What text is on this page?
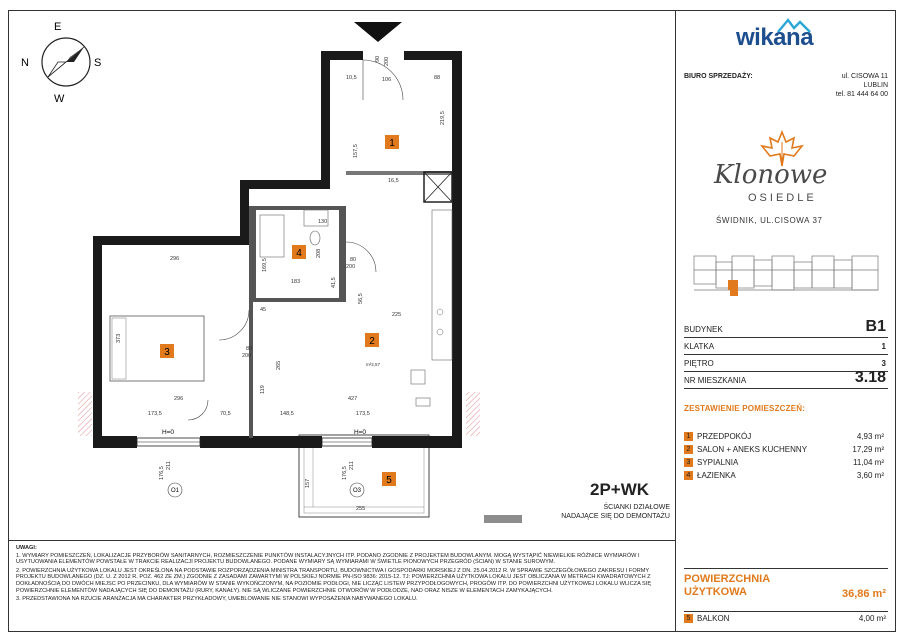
E
N	S
W
H=0	H=0
1
2
3
4
5
90 200
106
10,5	88
219,5
157,5
16,5
80
200
80
200
296
225
427
173,5	70,5	148,5	173,5
296
373
176,5
211
176,5
211
255
157
169,5
183
45
56,5
41,5
208
265
119
130
m²2,57
O1	O3	2P+WK
ŚCIANKI DZIAŁOWE
NADAJĄCE SIĘ DO DEMONTAŻU
UWAGI:

1. WYMIARY POMIESZCZEŃ, LOKALIZACJE PRZYBORÓW SANITARNYCH, ROZMIESZCZENIE PUNKTÓW INSTALACYJNYCH ITP. PODANO ZGODNIE Z PROJEKTEM BUDOWLANYM. MOGĄ WYSTĄPIĆ NIEWIELKIE RÓŻNICE WYMIARÓW I USYTUOWANIA ELEMENTÓW POWSTAŁE W TRAKCIE REALIZACJI PROJEKTU BUDOWLANEGO. PODANE WYMIARY SĄ WYMIARAMI W ŚWIETLE PIONOWYCH PRZEGRÓD (ŚCIAN) W STANIE SUROWYM.

2. POWIERZCHNIA UŻYTKOWA LOKALU JEST OKREŚLONA NA PODSTAWIE ROZPORZĄDZENIA MINISTRA TRANSPORTU, BUDOWNICTWA I GOSPODARKI MORSKIEJ Z DN. 25.04.2012 R. W SPRAWIE SZCZEGÓŁOWEGO ZAKRESU I FORMY PROJEKTU BUDOWLANEGO (DZ. U. Z 2012 R. POZ. 462 ZE ZM.) ZGODNIE Z ZASADAMI ZAWARTYMI W POLSKIEJ NORMIE PN-ISO 9836: 2015-12. TJ: POWIERZCHNIA UŻYTKOWA LOKALU JEST OBLICZANA W METRACH KWADRATOWYCH Z DOKŁADNOŚCIĄ DO DWÓCH MIEJSC PO PRZECINKU, DLA WYMIARÓW W STANIE WYKOŃCZONYM, NA POZIOMIE PODŁOGI, NIE LICZĄC LISTEW PRZYPODŁOGOWYCH, PROGÓW ITP. DO POWIERZCHNI UŻYTKOWEJ LOKALU WLICZA SIĘ POWIERZCHNIE ELEMENTÓW NADAJĄCYCH SIĘ DO DEMONTAŻU (RURY, KANAŁY). NIE SĄ WLICZANE POWIERZCHNIE OTWORÓW W PODŁODZE, NAD ORAZ NISZE W ELEMENTACH ZAMYKAJĄCYCH.

3. PRZEDSTAWIONA NA RZUCIE ARANŻACJA MA CHARAKTER PRZYKŁADOWY, UMEBLOWANIE NIE STANOWI WYPOSAŻENIA NABYWANEGO LOKALU.

wikana
BIURO SPRZEDAŻY:	ul. CISOWA 11
LUBLIN
tel. 81 444 64 00
Klonowe
OSIEDLE
ŚWIDNIK, UL.CISOWA 37
BUDYNEK	B1
KLATKA	1
PIĘTRO	3
NR MIESZKANIA	3.18
ZESTAWIENIE POMIESZCZEŃ:
1 PRZEDPOKÓJ	4,93 m²
2 SALON + ANEKS KUCHENNY	17,29 m²
3 SYPIALNIA	11,04 m²
4 ŁAZIENKA	3,60 m²
POWIERZCHNIA
UŻYTKOWA	36,86 m²
5 BALKON	4,00 m²
